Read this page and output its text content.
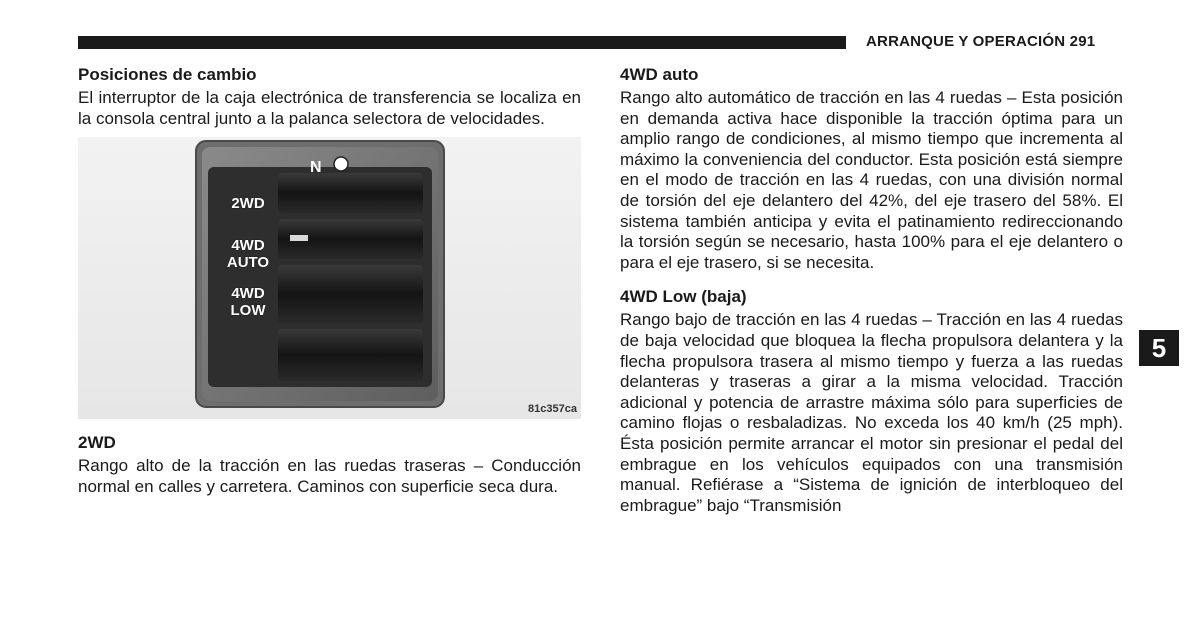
ARRANQUE Y OPERACIÓN 291
Posiciones de cambio

El interruptor de la caja electrónica de transferencia se localiza en la consola central junto a la palanca selectora de velocidades.

N
2WD
4WD AUTO
4WD LOW
81c357ca
2WD

Rango alto de la tracción en las ruedas traseras – Conducción normal en calles y carretera. Caminos con superficie seca dura.

4WD auto

Rango alto automático de tracción en las 4 ruedas – Esta posición en demanda activa hace disponible la tracción óptima para un amplio rango de condiciones, al mismo tiempo que incrementa al máximo la conveniencia del conductor. Esta posición está siempre en el modo de tracción en las 4 ruedas, con una división normal de torsión del eje delantero del 42%, del eje trasero del 58%. El sistema también anticipa y evita el patinamiento redireccionando la torsión según se necesario, hasta 100% para el eje delantero o para el eje trasero, si se necesita.

4WD Low (baja)

Rango bajo de tracción en las 4 ruedas – Tracción en las 4 ruedas de baja velocidad que bloquea la flecha propulsora delantera y la flecha propulsora trasera al mismo tiempo y fuerza a las ruedas delanteras y traseras a girar a la misma velocidad. Tracción adicional y potencia de arrastre máxima sólo para superficies de camino flojas o resbaladizas. No exceda los 40 km/h (25 mph). Ésta posición permite arrancar el motor sin presionar el pedal del embrague en los vehículos equipados con una transmisión manual. Refiérase a “Sistema de ignición de interbloqueo del embrague” bajo “Transmisión

5
